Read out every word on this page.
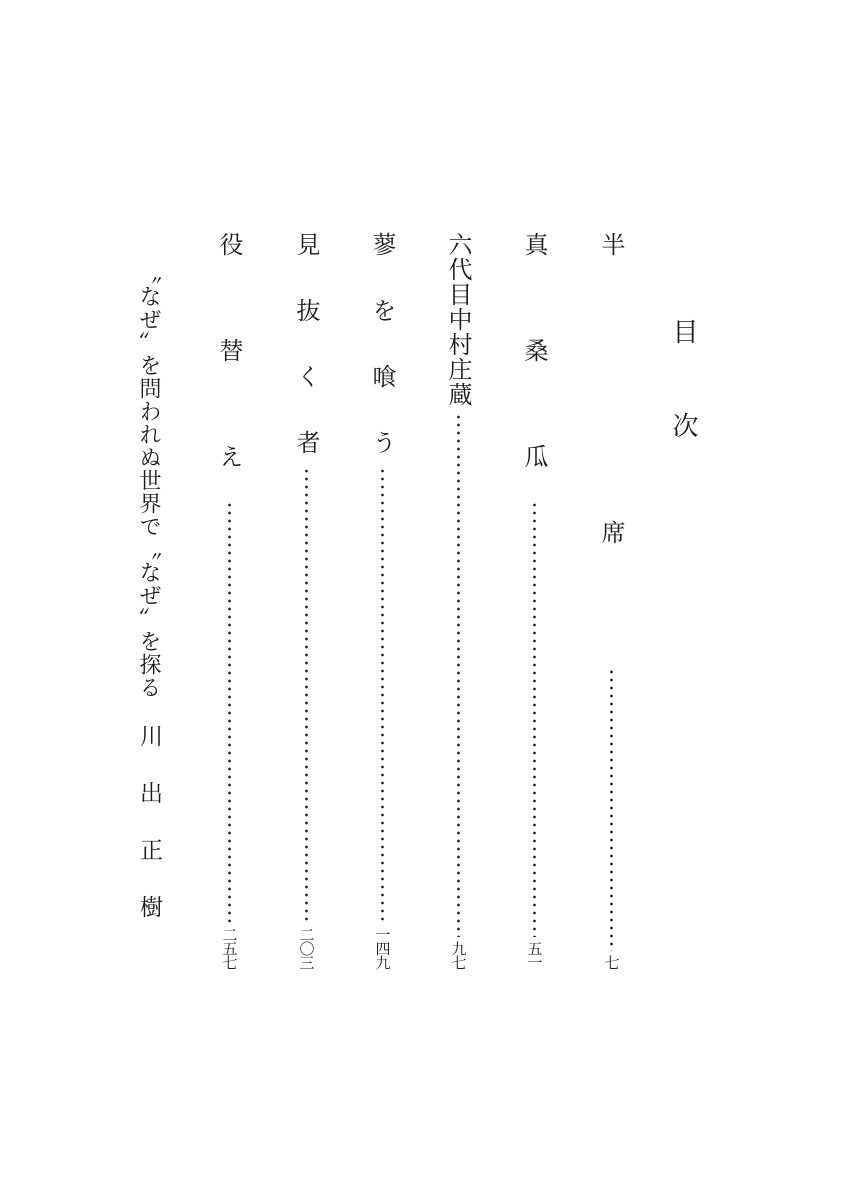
目次
半 席
七
真 桑 瓜
五一
六代目中村庄蔵
九七
蓼 を 喰 う
一四九
見 抜 く 者
二〇三
役 替 え
二五七
〝なぜ〟を問われぬ世界で〝なぜ〟を探る
川出正樹
